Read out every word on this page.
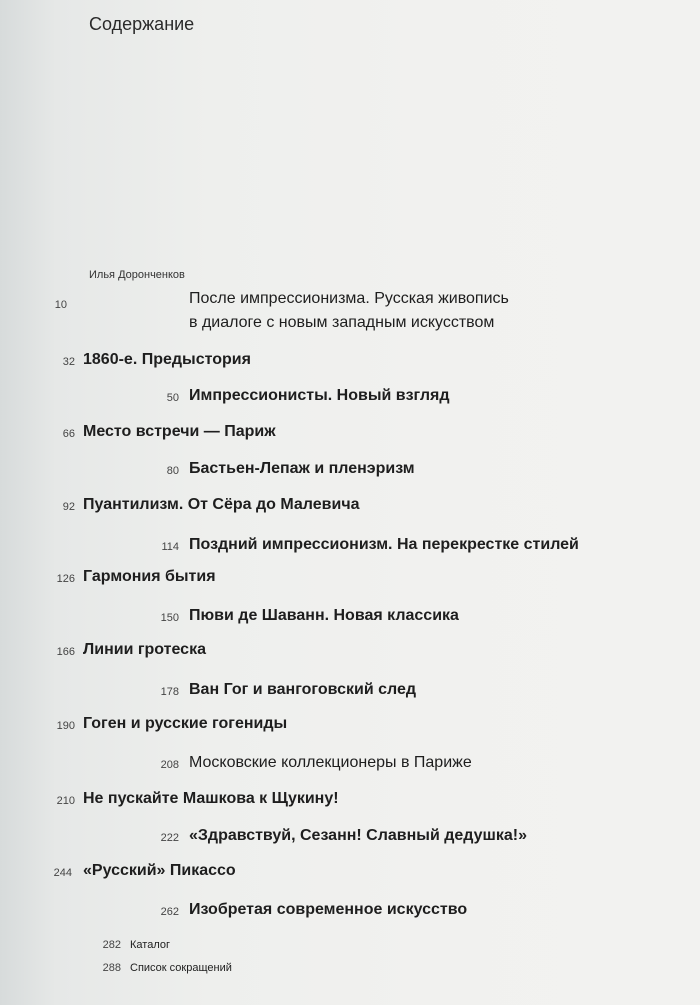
Содержание
Илья Доронченков
10	После импрессионизма. Русская живопись
в диалоге с новым западным искусством
32 1860-е. Предыстория
50 Импрессионисты. Новый взгляд
66 Место встречи — Париж
80 Бастьен-Лепаж и пленэризм
92 Пуантилизм. От Сёра до Малевича
114 Поздний импрессионизм. На перекрестке стилей
126 Гармония бытия
150 Пюви де Шаванн. Новая классика
166 Линии гротеска
178 Ван Гог и вангоговский след
190 Гоген и русские гогениды
208 Московские коллекционеры в Париже
210 Не пускайте Машкова к Щукину!
222 «Здравствуй, Сезанн! Славный дедушка!»
244 «Русский» Пикассо
262 Изобретая современное искусство
282 Каталог
288 Список сокращений
